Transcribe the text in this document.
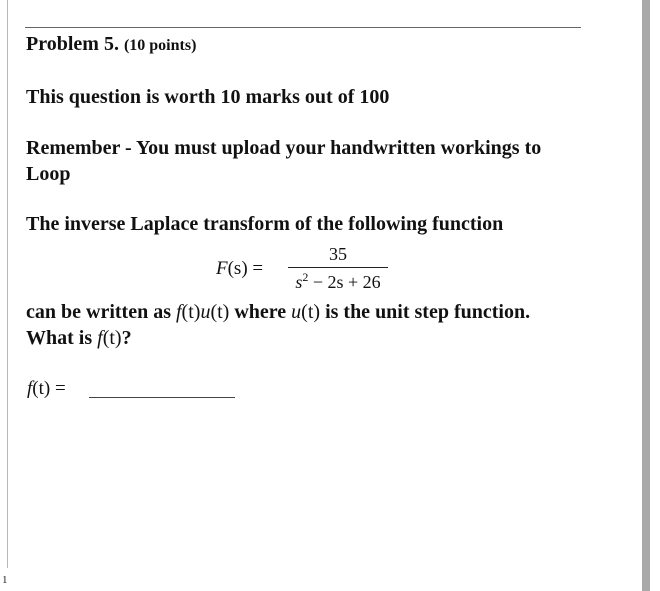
Problem 5. (10 points)
This question is worth 10 marks out of 100
Remember - You must upload your handwritten workings to
Loop
The inverse Laplace transform of the following function
F(s) =
35
$s^2 - 2s + 26$
can be written as f(t)u(t) where u(t) is the unit step function.
What is f(t)?
f(t) =
1
